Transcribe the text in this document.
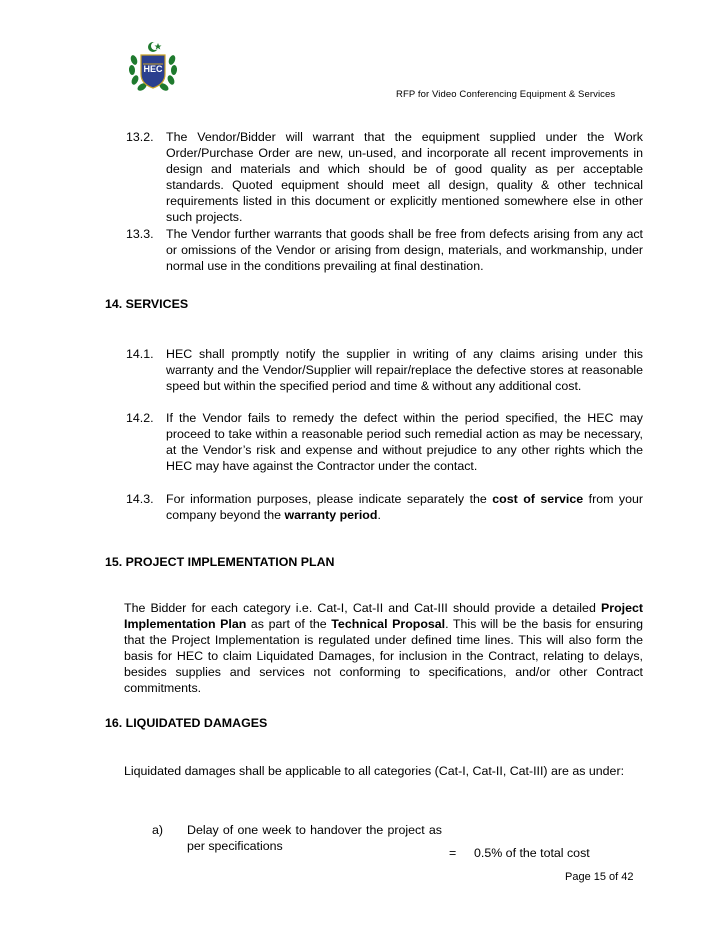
HEC
RFP for Video Conferencing Equipment & Services
13.2.	The Vendor/Bidder will warrant that the equipment supplied under the Work Order/Purchase Order are new, un-used, and incorporate all recent improvements in design and materials and which should be of good quality as per acceptable standards. Quoted equipment should meet all design, quality & other technical requirements listed in this document or explicitly mentioned somewhere else in other such projects.
13.3.	The Vendor further warrants that goods shall be free from defects arising from any act or omissions of the Vendor or arising from design, materials, and workmanship, under normal use in the conditions prevailing at final destination.
14. SERVICES
14.1.	HEC shall promptly notify the supplier in writing of any claims arising under this warranty and the Vendor/Supplier will repair/replace the defective stores at reasonable speed but within the specified period and time & without any additional cost.
14.2.	If the Vendor fails to remedy the defect within the period specified, the HEC may proceed to take within a reasonable period such remedial action as may be necessary, at the Vendor’s risk and expense and without prejudice to any other rights which the HEC may have against the Contractor under the contact.
14.3.	For information purposes, please indicate separately the cost of service from your company beyond the warranty period.
15. PROJECT IMPLEMENTATION PLAN
The Bidder for each category i.e. Cat-I, Cat-II and Cat-III should provide a detailed Project Implementation Plan as part of the Technical Proposal. This will be the basis for ensuring that the Project Implementation is regulated under defined time lines. This will also form the basis for HEC to claim Liquidated Damages, for inclusion in the Contract, relating to delays, besides supplies and services not conforming to specifications, and/or other Contract commitments.
16. LIQUIDATED DAMAGES
Liquidated damages shall be applicable to all categories (Cat-I, Cat-II, Cat-III) are as under:
a) Delay of one week to handover the project as per specifications	= 0.5% of the total cost
Page 15 of 42
